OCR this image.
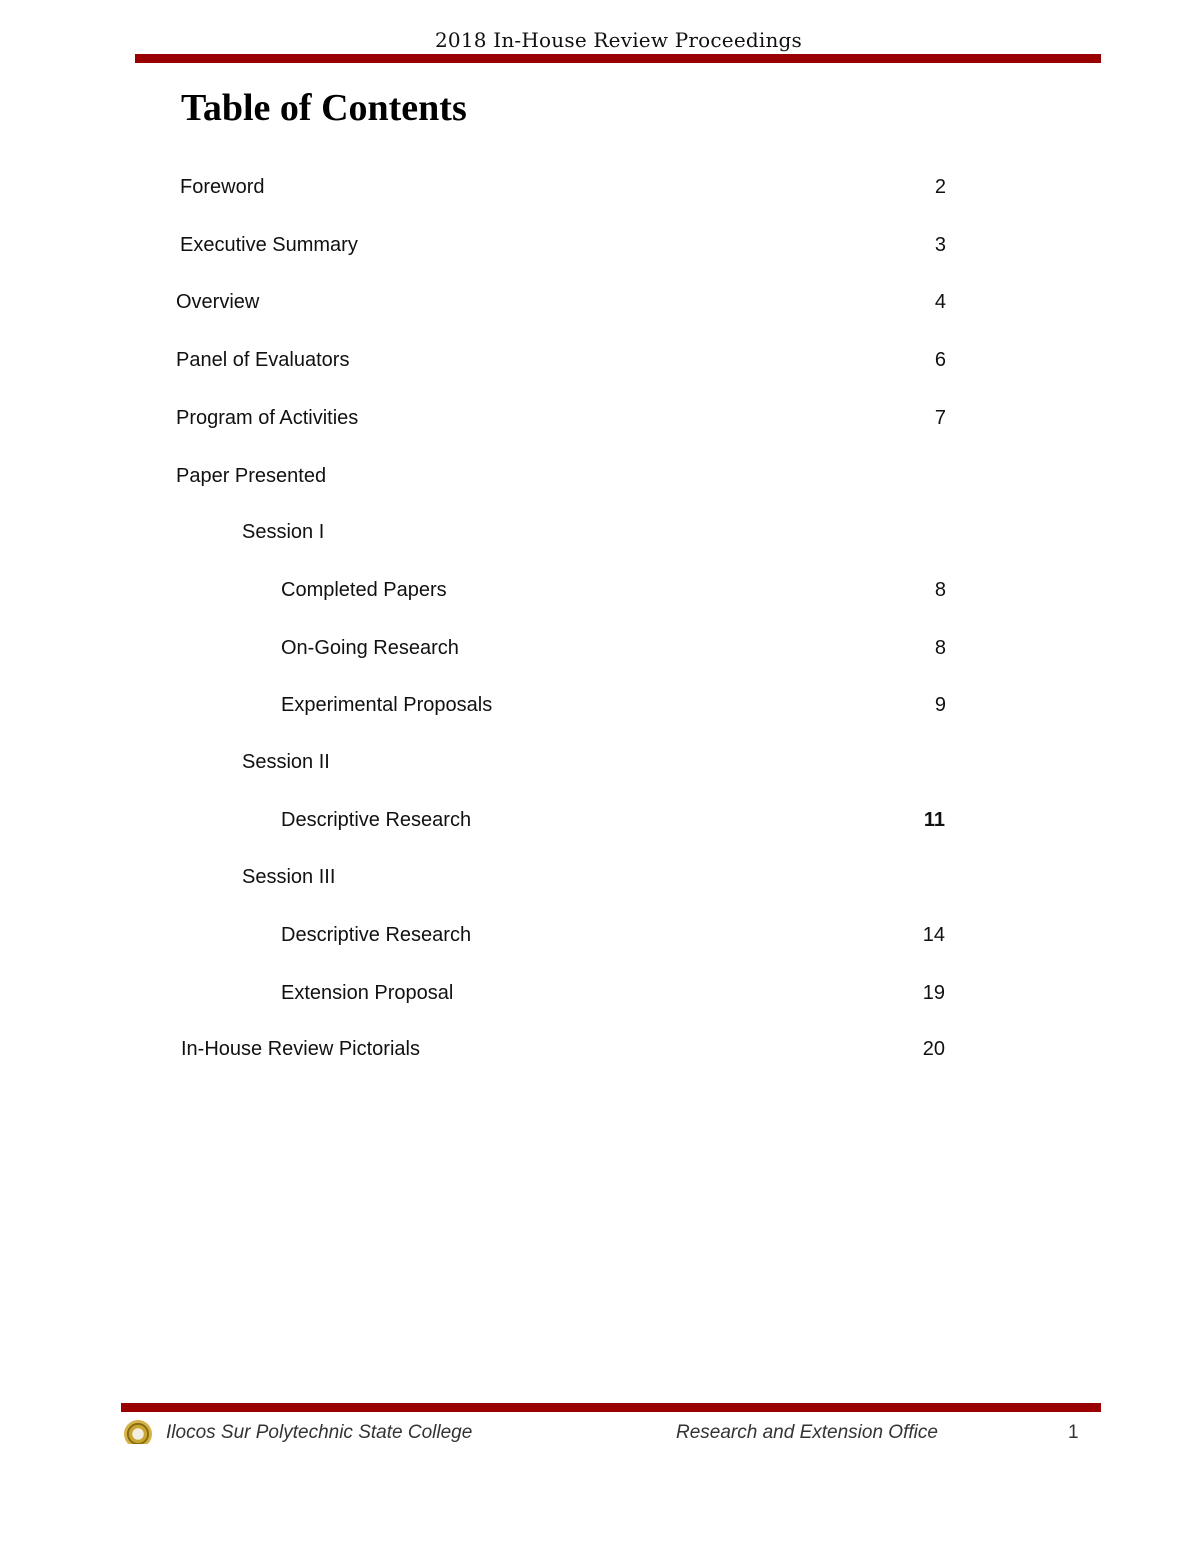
2018 In-House Review Proceedings
Table of Contents
Foreword	2
Executive Summary	3
Overview	4
Panel of Evaluators	6
Program of Activities	7
Paper Presented
Session I
Completed Papers	8
On-Going Research	8
Experimental Proposals	9
Session II
Descriptive Research	11
Session III
Descriptive Research	14
Extension Proposal	19
In-House Review Pictorials	20
Ilocos Sur Polytechnic State College	Research and Extension Office	1
